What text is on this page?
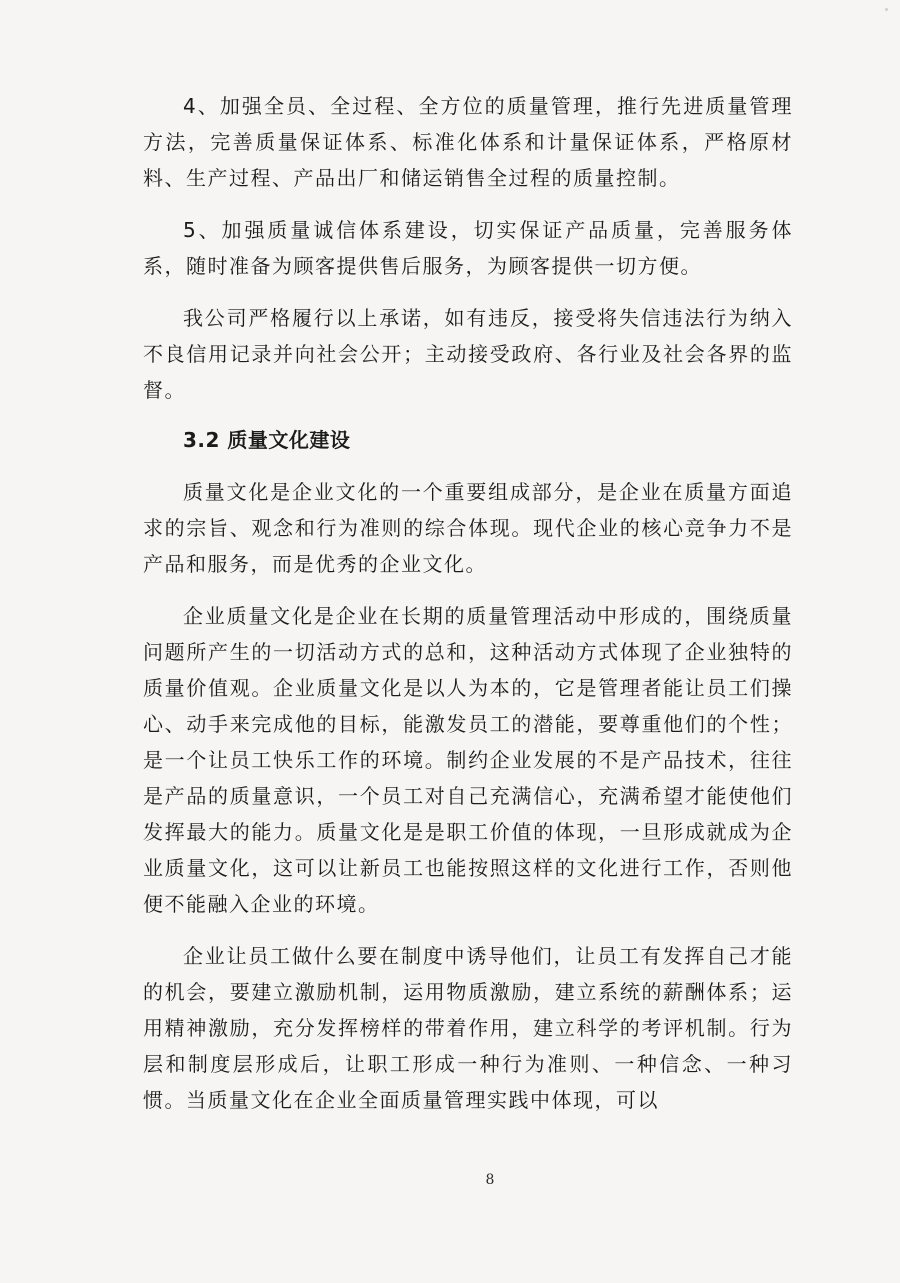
4、加强全员、全过程、全方位的质量管理，推行先进质量管理方法，完善质量保证体系、标准化体系和计量保证体系，严格原材料、生产过程、产品出厂和储运销售全过程的质量控制。

5、加强质量诚信体系建设，切实保证产品质量，完善服务体系，随时准备为顾客提供售后服务，为顾客提供一切方便。

我公司严格履行以上承诺，如有违反，接受将失信违法行为纳入不良信用记录并向社会公开；主动接受政府、各行业及社会各界的监督。

3.2 质量文化建设

质量文化是企业文化的一个重要组成部分，是企业在质量方面追求的宗旨、观念和行为准则的综合体现。现代企业的核心竞争力不是产品和服务，而是优秀的企业文化。

企业质量文化是企业在长期的质量管理活动中形成的，围绕质量问题所产生的一切活动方式的总和，这种活动方式体现了企业独特的质量价值观。企业质量文化是以人为本的，它是管理者能让员工们操心、动手来完成他的目标，能激发员工的潜能，要尊重他们的个性；是一个让员工快乐工作的环境。制约企业发展的不是产品技术，往往是产品的质量意识，一个员工对自己充满信心，充满希望才能使他们发挥最大的能力。质量文化是是职工价值的体现，一旦形成就成为企业质量文化，这可以让新员工也能按照这样的文化进行工作，否则他便不能融入企业的环境。

企业让员工做什么要在制度中诱导他们，让员工有发挥自己才能的机会，要建立激励机制，运用物质激励，建立系统的薪酬体系；运用精神激励，充分发挥榜样的带着作用，建立科学的考评机制。行为层和制度层形成后，让职工形成一种行为准则、一种信念、一种习惯。当质量文化在企业全面质量管理实践中体现，可以

8
